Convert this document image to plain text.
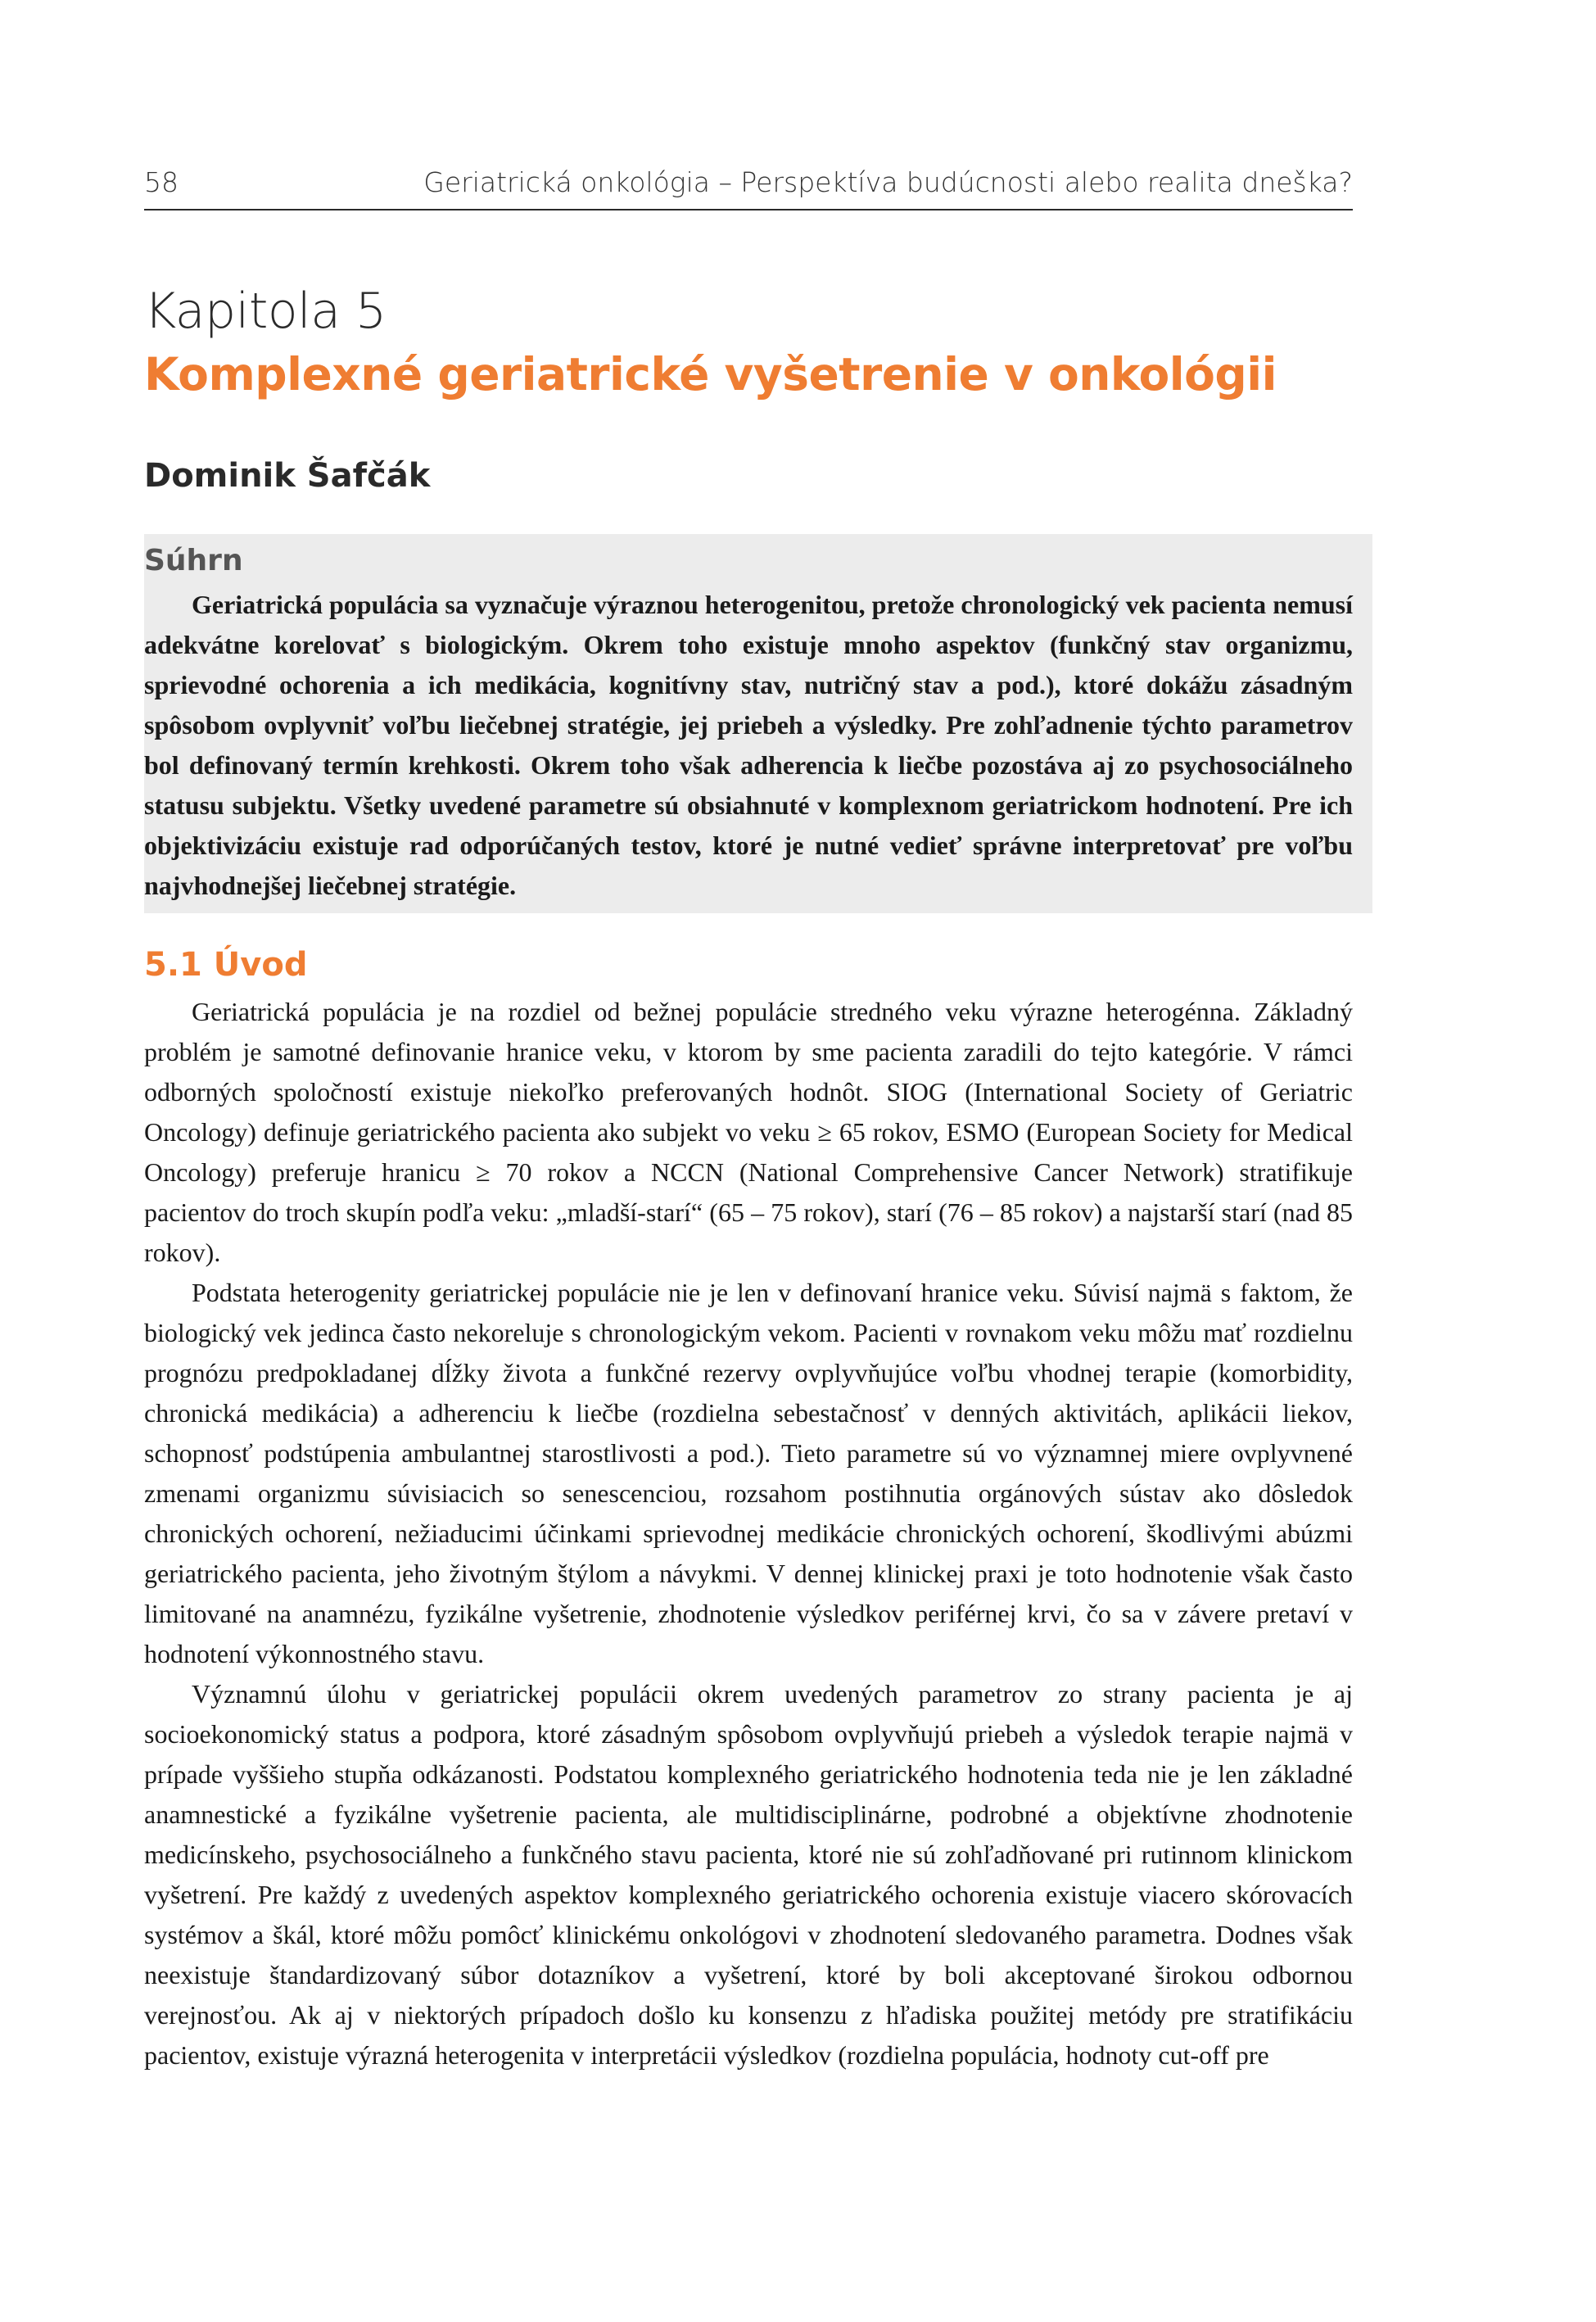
58	Geriatrická onkológia – Perspektíva budúcnosti alebo realita dneška?
Kapitola 5
Komplexné geriatrické vyšetrenie v onkológii
Dominik Šafčák
Súhrn
Geriatrická populácia sa vyznačuje výraznou heterogenitou, pretože chronologický vek pacienta nemusí adekvátne korelovať s biologickým. Okrem toho existuje mnoho aspektov (funkčný stav organizmu, sprievodné ochorenia a ich medikácia, kognitívny stav, nutričný stav a pod.), ktoré dokážu zásadným spôsobom ovplyvniť voľbu liečebnej stratégie, jej priebeh a výsledky. Pre zohľadnenie týchto parametrov bol definovaný termín krehkosti. Okrem toho však adherencia k liečbe pozostáva aj zo psychosociálneho statusu subjektu. Všetky uvedené parametre sú obsiahnuté v komplexnom geriatrickom hodnotení. Pre ich objektivizáciu existuje rad odporúčaných testov, ktoré je nutné vedieť správne interpretovať pre voľbu najvhodnejšej liečebnej stratégie.
5.1 Úvod

Geriatrická populácia je na rozdiel od bežnej populácie stredného veku výrazne heterogénna. Základný problém je samotné definovanie hranice veku, v ktorom by sme pacienta zaradili do tejto kategórie. V rámci odborných spoločností existuje niekoľko preferovaných hodnôt. SIOG (International Society of Geriatric Oncology) definuje geriatrického pacienta ako subjekt vo veku ≥ 65 rokov, ESMO (European Society for Medical Oncology) preferuje hranicu ≥ 70 rokov a NCCN (National Comprehensive Cancer Network) stratifikuje pacientov do troch skupín podľa veku: „mladší-starí“ (65 – 75 rokov), starí (76 – 85 rokov) a najstarší starí (nad 85 rokov).

Podstata heterogenity geriatrickej populácie nie je len v definovaní hranice veku. Súvisí najmä s faktom, že biologický vek jedinca často nekoreluje s chronologickým vekom. Pacienti v rovnakom veku môžu mať rozdielnu prognózu predpokladanej dĺžky života a funkčné rezervy ovplyvňujúce voľbu vhodnej terapie (komorbidity, chronická medikácia) a adherenciu k liečbe (rozdielna sebestačnosť v denných aktivitách, aplikácii liekov, schopnosť podstúpenia ambulantnej starostlivosti a pod.). Tieto parametre sú vo významnej miere ovplyvnené zmenami organizmu súvisiacich so senescenciou, rozsahom postihnutia orgánových sústav ako dôsledok chronických ochorení, nežiaducimi účinkami sprievodnej medikácie chronických ochorení, škodlivými abúzmi geriatrického pacienta, jeho životným štýlom a návykmi. V dennej klinickej praxi je toto hodnotenie však často limitované na anamnézu, fyzikálne vyšetrenie, zhodnotenie výsledkov periférnej krvi, čo sa v závere pretaví v hodnotení výkonnostného stavu.

Významnú úlohu v geriatrickej populácii okrem uvedených parametrov zo strany pacienta je aj socioekonomický status a podpora, ktoré zásadným spôsobom ovplyvňujú priebeh a výsledok terapie najmä v prípade vyššieho stupňa odkázanosti. Podstatou komplexného geriatrického hodnotenia teda nie je len základné anamnestické a fyzikálne vyšetrenie pacienta, ale multidisciplinárne, podrobné a objektívne zhodnotenie medicínskeho, psychosociálneho a funkčného stavu pacienta, ktoré nie sú zohľadňované pri rutinnom klinickom vyšetrení. Pre každý z uvedených aspektov komplexného geriatrického ochorenia existuje viacero skórovacích systémov a škál, ktoré môžu pomôcť klinickému onkológovi v zhodnotení sledovaného parametra. Dodnes však neexistuje štandardizovaný súbor dotazníkov a vyšetrení, ktoré by boli akceptované širokou odbornou verejnosťou. Ak aj v niektorých prípadoch došlo ku konsenzu z hľadiska použitej metódy pre stratifikáciu pacientov, existuje výrazná heterogenita v interpretácii výsledkov (rozdielna populácia, hodnoty cut-off pre
